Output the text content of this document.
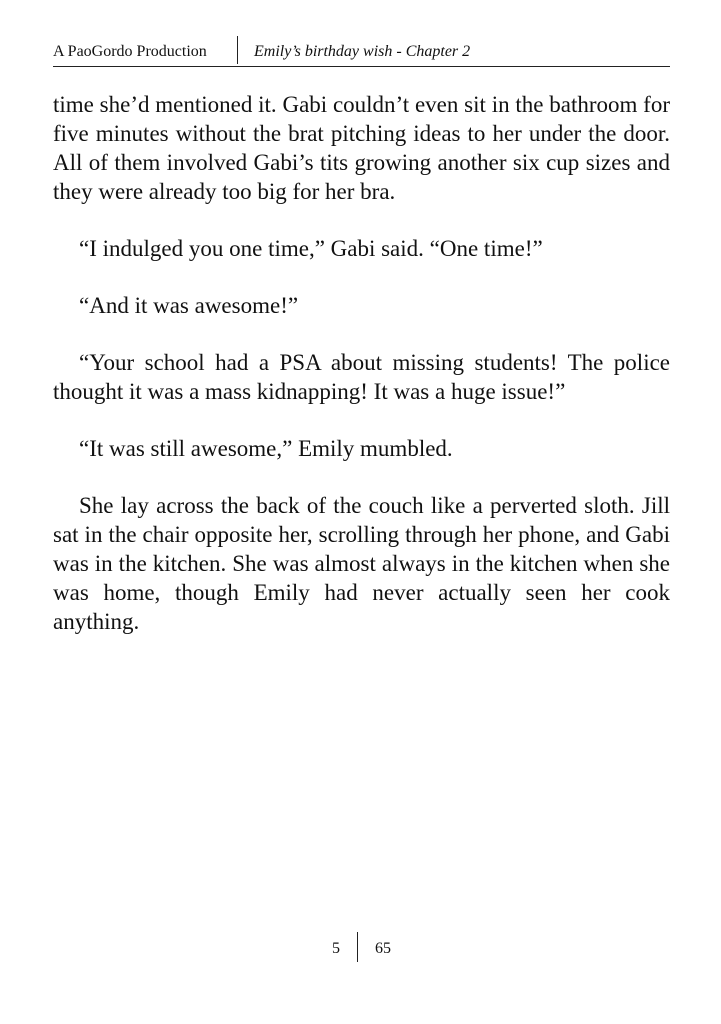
A PaoGordo Production	Emily’s birthday wish - Chapter 2

time she’d mentioned it. Gabi couldn’t even sit in the bathroom for five minutes without the brat pitching ideas to her under the door. All of them involved Gabi’s tits growing another six cup sizes and they were already too big for her bra.

“I indulged you one time,” Gabi said. “One time!”

“And it was awesome!”

“Your school had a PSA about missing students! The police thought it was a mass kidnapping! It was a huge issue!”

“It was still awesome,” Emily mumbled.

She lay across the back of the couch like a perverted sloth. Jill sat in the chair opposite her, scrolling through her phone, and Gabi was in the kitchen. She was almost always in the kitchen when she was home, though Emily had never actually seen her cook anything.

5 65
